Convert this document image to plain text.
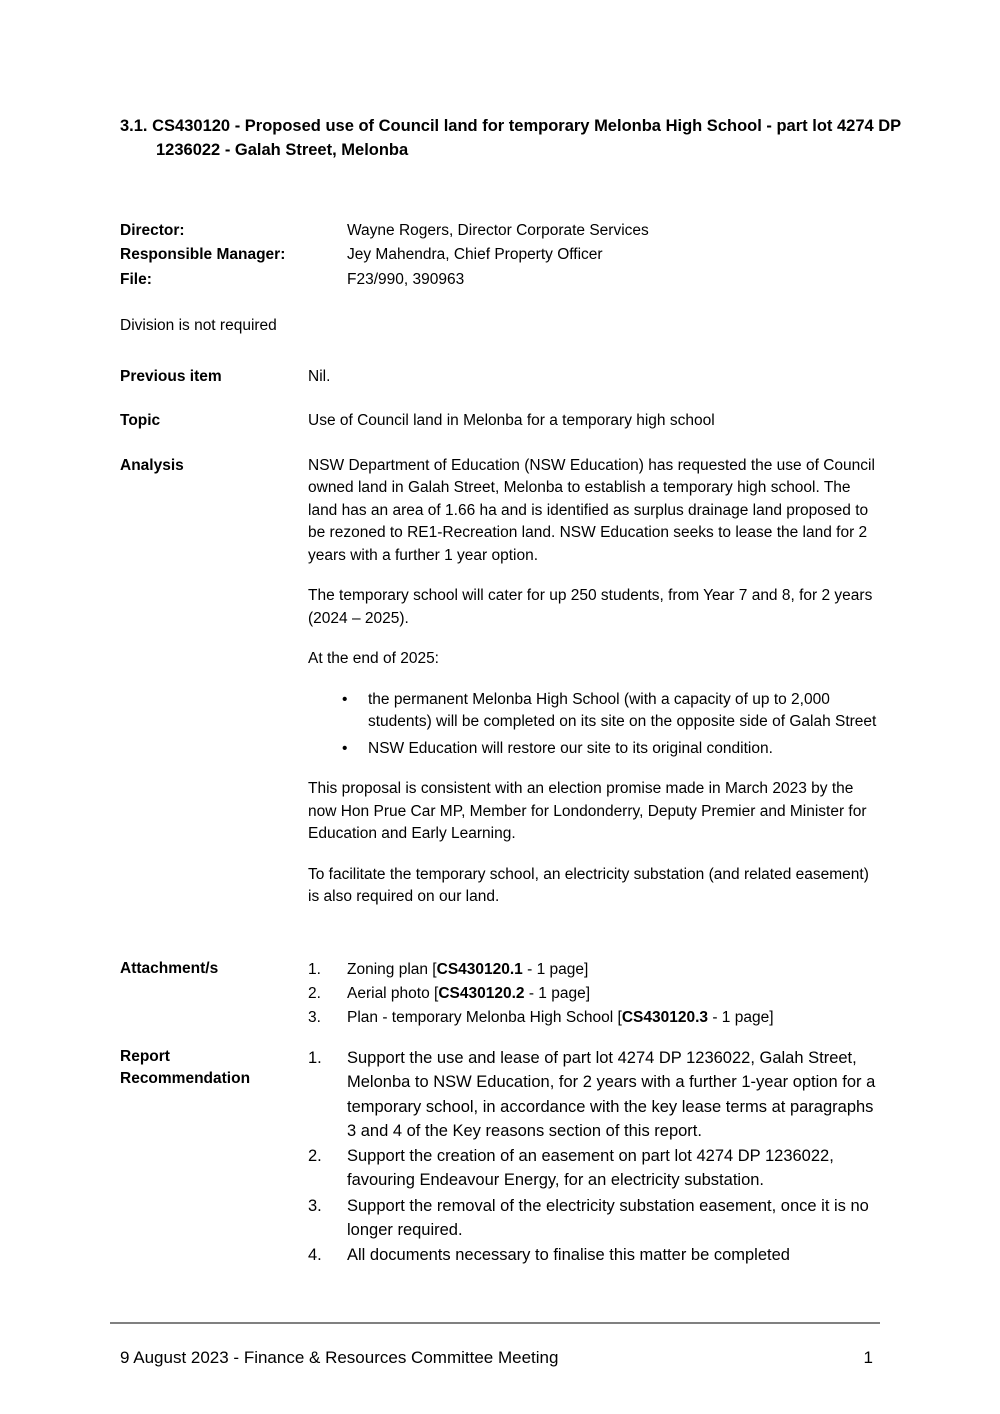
3.1. CS430120 - Proposed use of Council land for temporary Melonba High School - part lot 4274 DP 1236022 - Galah Street, Melonba
Director:	Wayne Rogers, Director Corporate Services
Responsible Manager:	Jey Mahendra, Chief Property Officer
File:	F23/990, 390963
Division is not required
Previous item	Nil.
Topic	Use of Council land in Melonba for a temporary high school
Analysis	NSW Department of Education (NSW Education) has requested the use of Council owned land in Galah Street, Melonba to establish a temporary high school. The land has an area of 1.66 ha and is identified as surplus drainage land proposed to be rezoned to RE1-Recreation land. NSW Education seeks to lease the land for 2 years with a further 1 year option.

The temporary school will cater for up 250 students, from Year 7 and 8, for 2 years (2024 – 2025).

At the end of 2025:

• the permanent Melonba High School (with a capacity of up to 2,000 students) will be completed on its site on the opposite side of Galah Street
• NSW Education will restore our site to its original condition.

This proposal is consistent with an election promise made in March 2023 by the now Hon Prue Car MP, Member for Londonderry, Deputy Premier and Minister for Education and Early Learning.

To facilitate the temporary school, an electricity substation (and related easement) is also required on our land.

Attachment/s	1. Zoning plan [CS430120.1 - 1 page]
2. Aerial photo [CS430120.2 - 1 page]
3. Plan - temporary Melonba High School [CS430120.3 - 1 page]
Report
Recommendation
1. Support the use and lease of part lot 4274 DP 1236022, Galah Street, Melonba to NSW Education, for 2 years with a further 1-year option for a temporary school, in accordance with the key lease terms at paragraphs 3 and 4 of the Key reasons section of this report.
2. Support the creation of an easement on part lot 4274 DP 1236022, favouring Endeavour Energy, for an electricity substation.
3. Support the removal of the electricity substation easement, once it is no longer required.
4. All documents necessary to finalise this matter be completed
9 August 2023 - Finance & Resources Committee Meeting	1
